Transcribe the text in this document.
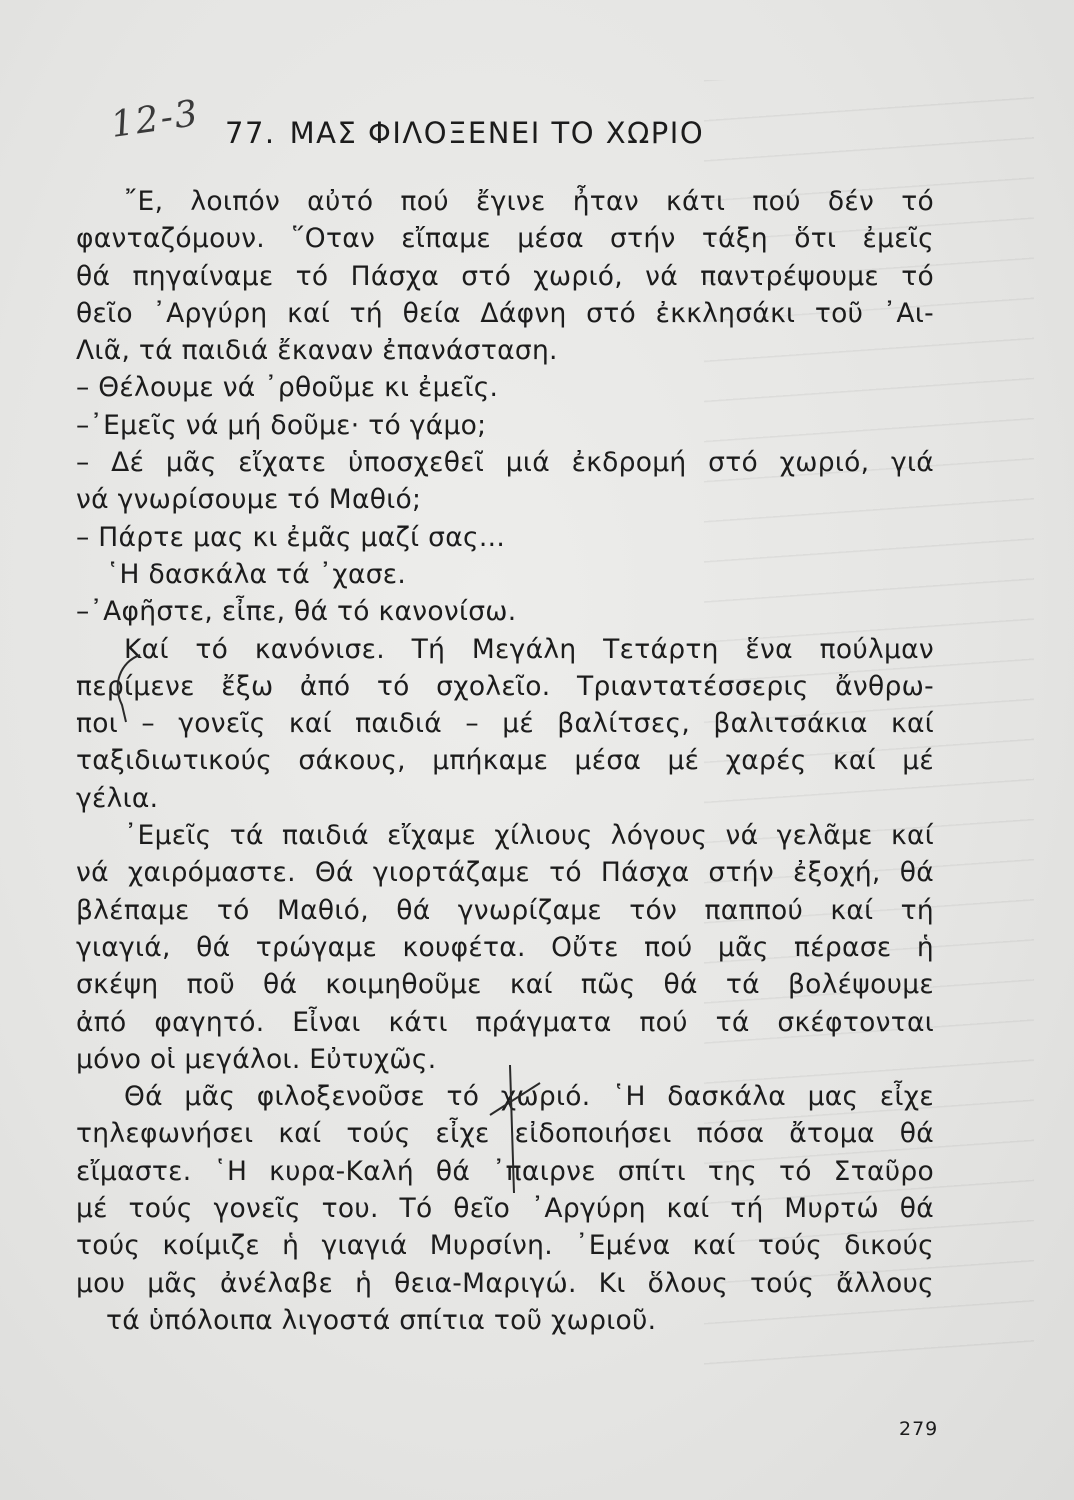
12-3 77. ΜΑΣ ΦΙΛΟΞΕΝΕΙ ΤΟ ΧΩΡΙΟ
῎Ε, λοιπόν αὐτό πού ἔγινε ἦταν κάτι πού δέν τό
φανταζόμουν. ῞Οταν εἴπαμε μέσα στήν τάξη ὅτι ἐμεῖς
θά πηγαίναμε τό Πάσχα στό χωριό, νά παντρέψουμε τό
θεῖο ᾿Αργύρη καί τή θεία Δάφνη στό ἐκκλησάκι τοῦ ᾿Αι-
Λιᾶ, τά παιδιά ἔκαναν ἐπανάσταση.
– Θέλουμε νά ᾿ρθοῦμε κι ἐμεῖς.
–᾿Εμεῖς νά μή δοῦμε· τό γάμο;
– Δέ μᾶς εἴχατε ὑποσχεθεῖ μιά ἐκδρομή στό χωριό, γιά
νά γνωρίσουμε τό Μαθιό;
– Πάρτε μας κι ἐμᾶς μαζί σας...
῾Η δασκάλα τά ᾿χασε.
–᾿Αφῆστε, εἶπε, θά τό κανονίσω.
Καί τό κανόνισε. Τή Μεγάλη Τετάρτη ἕνα πούλμαν
περίμενε ἔξω ἀπό τό σχολεῖο. Τριαντατέσσερις ἄνθρω-
ποι – γονεῖς καί παιδιά – μέ βαλίτσες, βαλιτσάκια καί
ταξιδιωτικούς σάκους, μπήκαμε μέσα μέ χαρές καί μέ
γέλια.
᾿Εμεῖς τά παιδιά εἴχαμε χίλιους λόγους νά γελᾶμε καί
νά χαιρόμαστε. Θά γιορτάζαμε τό Πάσχα στήν ἐξοχή, θά
βλέπαμε τό Μαθιό, θά γνωρίζαμε τόν παππού καί τή
γιαγιά, θά τρώγαμε κουφέτα. Οὔτε πού μᾶς πέρασε ἡ
σκέψη ποῦ θά κοιμηθοῦμε καί πῶς θά τά βολέψουμε
ἀπό φαγητό. Εἶναι κάτι πράγματα πού τά σκέφτονται
μόνο οἱ μεγάλοι. Εὐτυχῶς.
Θά μᾶς φιλοξενοῦσε τό χωριό. ῾Η δασκάλα μας εἶχε
τηλεφωνήσει καί τούς εἶχε εἰδοποιήσει πόσα ἄτομα θά
εἴμαστε. ῾Η κυρα-Καλή θά ᾿παιρνε σπίτι της τό Σταῦρο
μέ τούς γονεῖς του. Τό θεῖο ᾿Αργύρη καί τή Μυρτώ θά
τούς κοίμιζε ἡ γιαγιά Μυρσίνη. ᾿Εμένα καί τούς δικούς
μου μᾶς ἀνέλαβε ἡ θεια-Μαριγώ. Κι ὅλους τούς ἄλλους
τά ὑπόλοιπα λιγοστά σπίτια τοῦ χωριοῦ.
279
